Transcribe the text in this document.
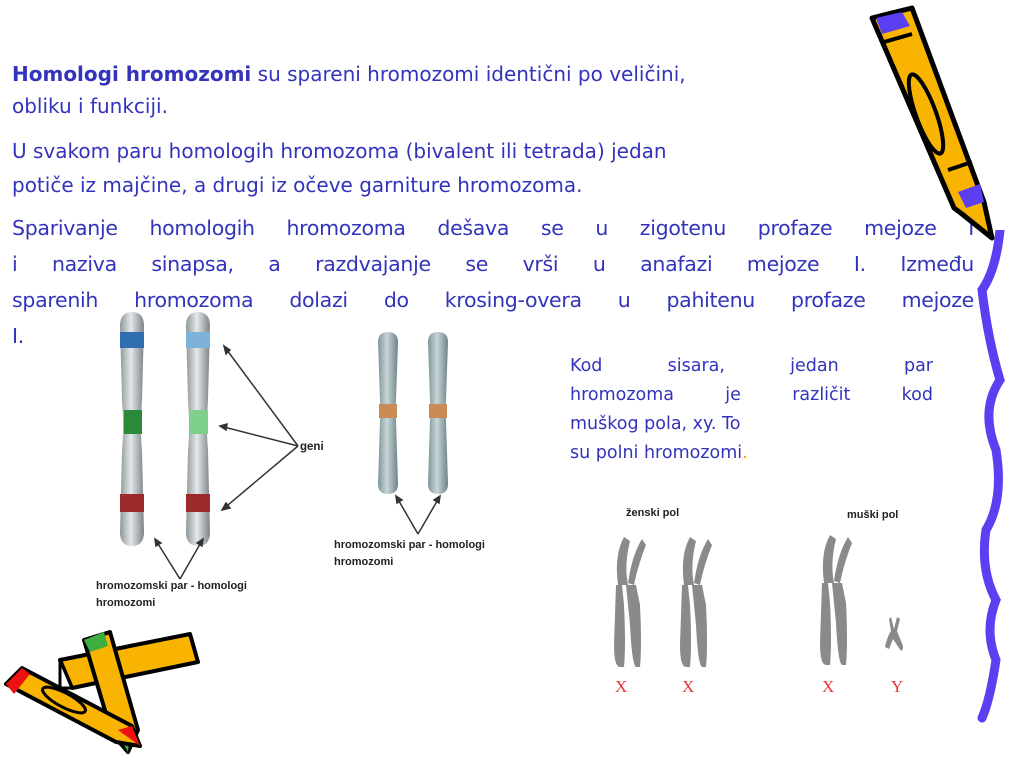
Homologi hromozomi su spareni hromozomi identični po veličini,
obliku i funkciji.
U svakom paru homologih hromozoma (bivalent ili tetrada) jedan
potiče iz majčine, a drugi iz očeve garniture hromozoma.
Sparivanje homologih hromozoma dešava se u zigotenu profaze mejoze I
i naziva sinapsa, a razdvajanje se vrši u anafazi mejoze I. Između
sparenih hromozoma dolazi do krosing-overa u pahitenu profaze mejoze
I.
Kod sisara, jedan par
hromozoma je različit kod
muškog pola, xy. To
su polni hromozomi.
geni
hromozomski par - homologi
hromozomi
hromozomski par - homologi
hromozomi
ženski pol	muški pol
X	X	X	Y
